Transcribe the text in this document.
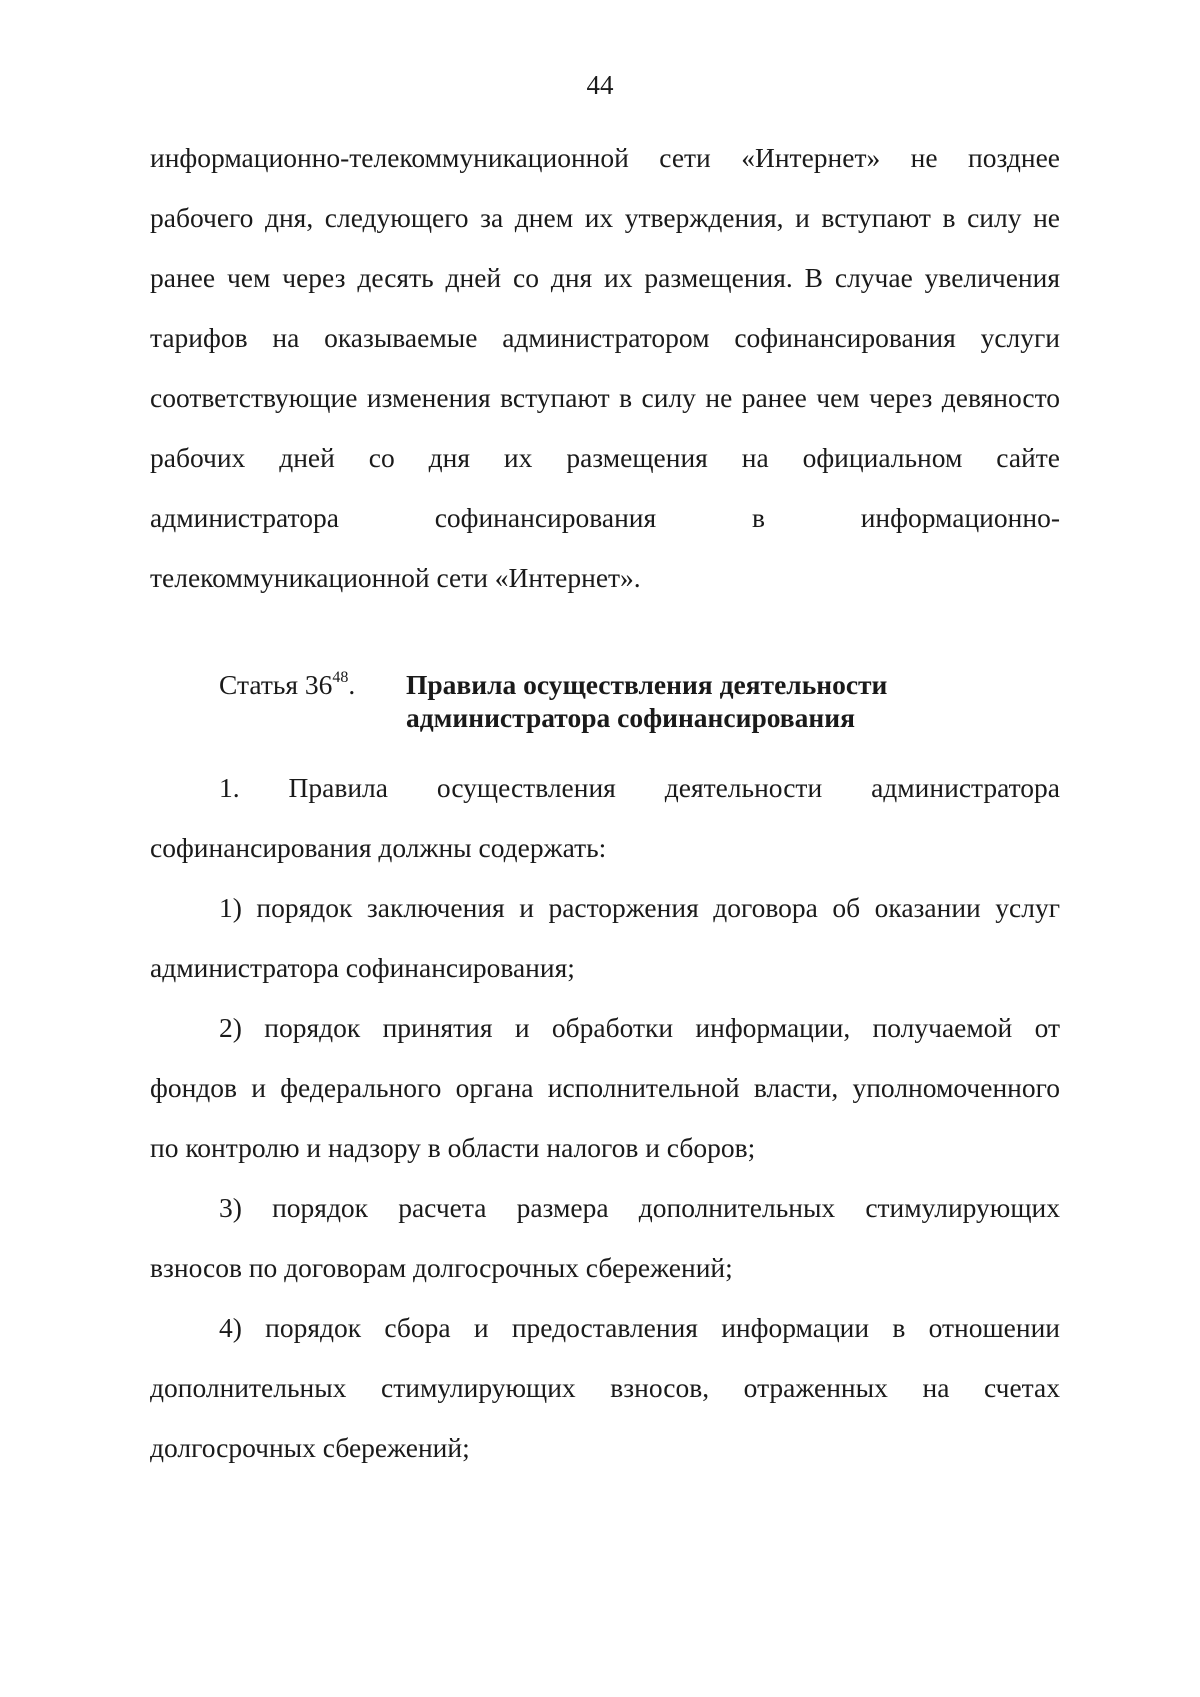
44
информационно-телекоммуникационной сети «Интернет» не позднее
рабочего дня, следующего за днем их утверждения, и вступают в силу не
ранее чем через десять дней со дня их размещения. В случае увеличения
тарифов на оказываемые администратором софинансирования услуги
соответствующие изменения вступают в силу не ранее чем через девяносто
рабочих дней со дня их размещения на официальном сайте
администратора софинансирования в информационно-
телекоммуникационной сети «Интернет».
Статья $36^{48}$. Правила осуществления деятельности
администратора софинансирования
1. Правила осуществления деятельности администратора
софинансирования должны содержать:
1) порядок заключения и расторжения договора об оказании услуг
администратора софинансирования;
2) порядок принятия и обработки информации, получаемой от
фондов и федерального органа исполнительной власти, уполномоченного
по контролю и надзору в области налогов и сборов;
3) порядок расчета размера дополнительных стимулирующих
взносов по договорам долгосрочных сбережений;
4) порядок сбора и предоставления информации в отношении
дополнительных стимулирующих взносов, отраженных на счетах
долгосрочных сбережений;
